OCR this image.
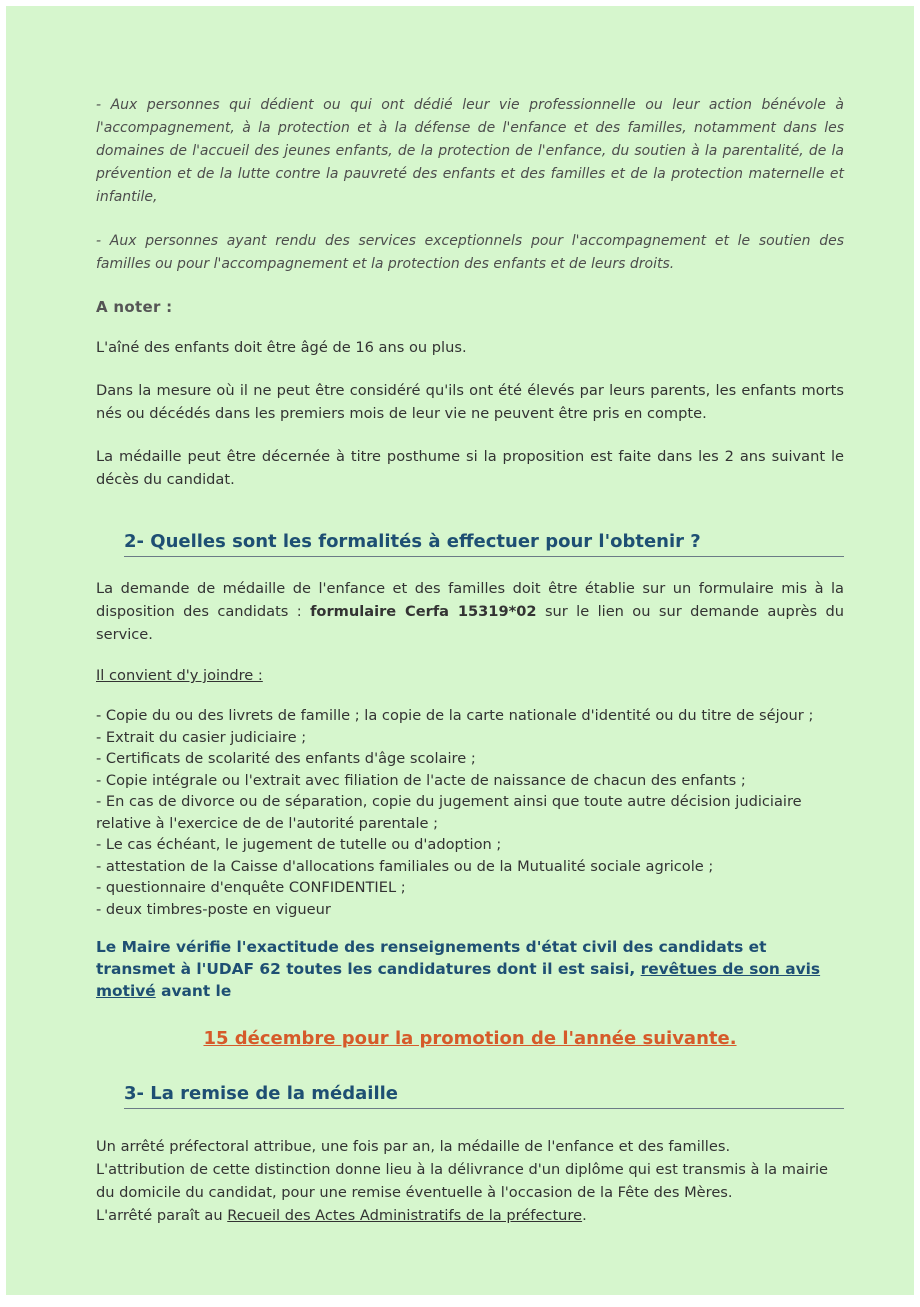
- Aux personnes qui dédient ou qui ont dédié leur vie professionnelle ou leur action bénévole à l'accompagnement, à la protection et à la défense de l'enfance et des familles, notamment dans les domaines de l'accueil des jeunes enfants, de la protection de l'enfance, du soutien à la parentalité, de la prévention et de la lutte contre la pauvreté des enfants et des familles et de la protection maternelle et infantile,

- Aux personnes ayant rendu des services exceptionnels pour l'accompagnement et le soutien des familles ou pour l'accompagnement et la protection des enfants et de leurs droits.

A noter :

L'aîné des enfants doit être âgé de 16 ans ou plus.

Dans la mesure où il ne peut être considéré qu'ils ont été élevés par leurs parents, les enfants morts nés ou décédés dans les premiers mois de leur vie ne peuvent être pris en compte.

La médaille peut être décernée à titre posthume si la proposition est faite dans les 2 ans suivant le décès du candidat.

2- Quelles sont les formalités à effectuer pour l'obtenir ?

La demande de médaille de l'enfance et des familles doit être établie sur un formulaire mis à la disposition des candidats : formulaire Cerfa 15319*02 sur le lien ou sur demande auprès du service.

Il convient d'y joindre :

- Copie du ou des livrets de famille ; la copie de la carte nationale d'identité ou du titre de séjour ;
- Extrait du casier judiciaire ;
- Certificats de scolarité des enfants d'âge scolaire ;
- Copie intégrale ou l'extrait avec filiation de l'acte de naissance de chacun des enfants ;
- En cas de divorce ou de séparation, copie du jugement ainsi que toute autre décision judiciaire relative à l'exercice de de l'autorité parentale ;
- Le cas échéant, le jugement de tutelle ou d'adoption ;
- attestation de la Caisse d'allocations familiales ou de la Mutualité sociale agricole ;
- questionnaire d'enquête CONFIDENTIEL ;
- deux timbres-poste en vigueur

Le Maire vérifie l'exactitude des renseignements d'état civil des candidats et transmet à l'UDAF 62 toutes les candidatures dont il est saisi, revêtues de son avis motivé avant le

15 décembre pour la promotion de l'année suivante.

3- La remise de la médaille

Un arrêté préfectoral attribue, une fois par an, la médaille de l'enfance et des familles.

L'attribution de cette distinction donne lieu à la délivrance d'un diplôme qui est transmis à la mairie du domicile du candidat, pour une remise éventuelle à l'occasion de la Fête des Mères.

L'arrêté paraît au Recueil des Actes Administratifs de la préfecture.
